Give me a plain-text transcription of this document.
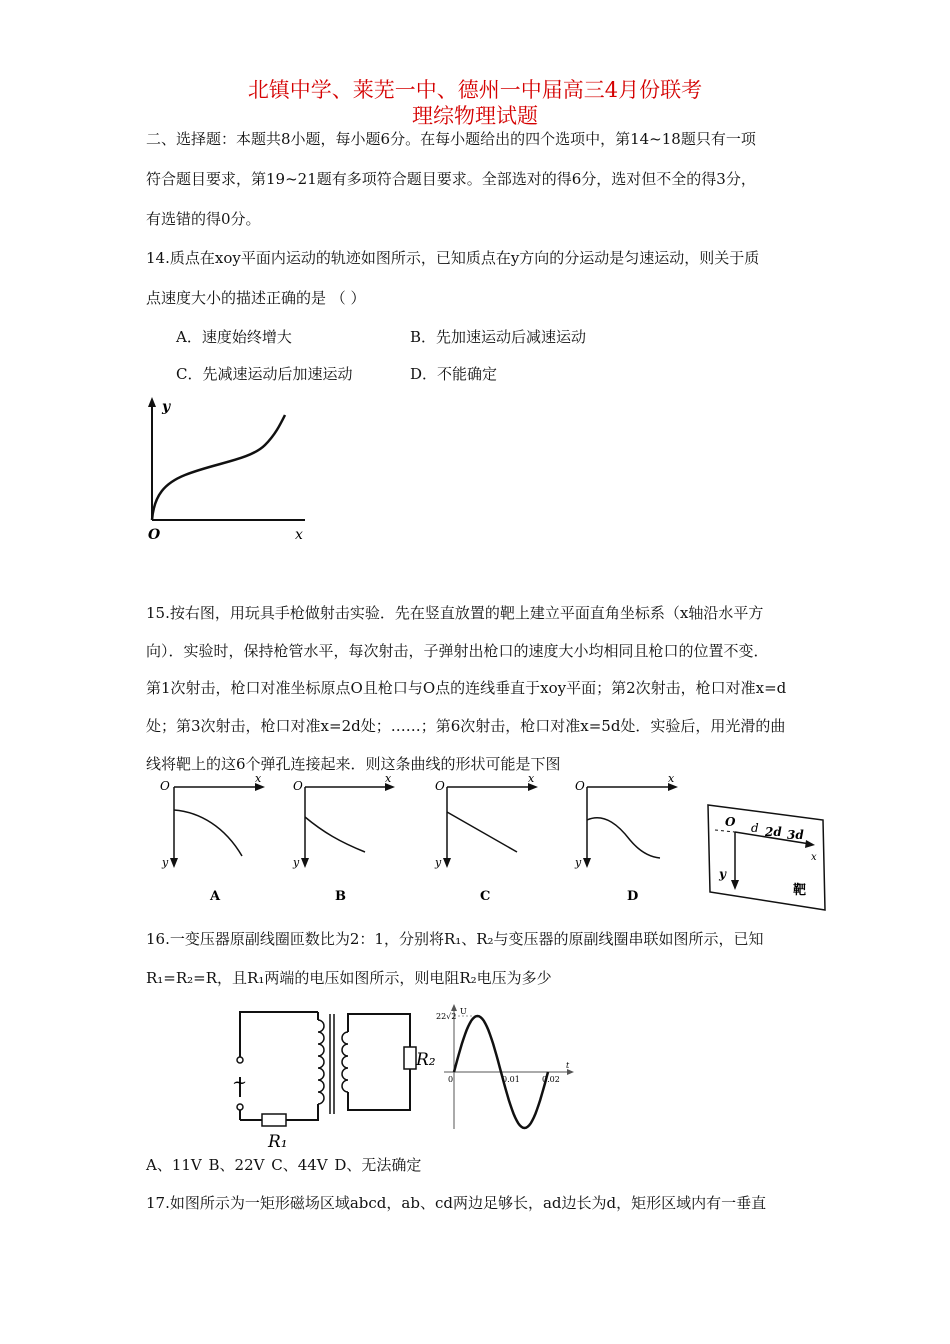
北镇中学、莱芜一中、德州一中届高三4月份联考
理综物理试题
二、选择题：本题共8小题，每小题6分。在每小题给出的四个选项中，第14~18题只有一项
符合题目要求，第19~21题有多项符合题目要求。全部选对的得6分，选对但不全的得3分，
有选错的得0分。
14.质点在xoy平面内运动的轨迹如图所示，已知质点在y方向的分运动是匀速运动，则关于质
点速度大小的描述正确的是 （ ）
A．速度始终增大	B．先加速运动后减速运动
C．先减速运动后加速运动	D．不能确定
y
O	x
15.按右图，用玩具手枪做射击实验．先在竖直放置的靶上建立平面直角坐标系（x轴沿水平方
向）．实验时，保持枪管水平，每次射击，子弹射出枪口的速度大小均相同且枪口的位置不变．
第1次射击，枪口对准坐标原点O且枪口与O点的连线垂直于xoy平面；第2次射击，枪口对准x=d
处；第3次射击，枪口对准x=2d处；……；第6次射击，枪口对准x=5d处．实验后，用光滑的曲
线将靶上的这6个弹孔连接起来．则这条曲线的形状可能是下图
O
x
y
A
O
x
y
B
O
x
y
C
O
x
y
D
O d 2d 3d
x
y
靶
16.一变压器原副线圈匝数比为2：1，分别将R₁、R₂与变压器的原副线圈串联如图所示，已知
R₁=R₂=R，且R₁两端的电压如图所示，则电阻R₂电压为多少
~
R₁
R₂
22√2
U
0	0.01	0.02
t
A、11V B、22V C、44V D、无法确定
17.如图所示为一矩形磁场区域abcd，ab、cd两边足够长，ad边长为d，矩形区域内有一垂直
